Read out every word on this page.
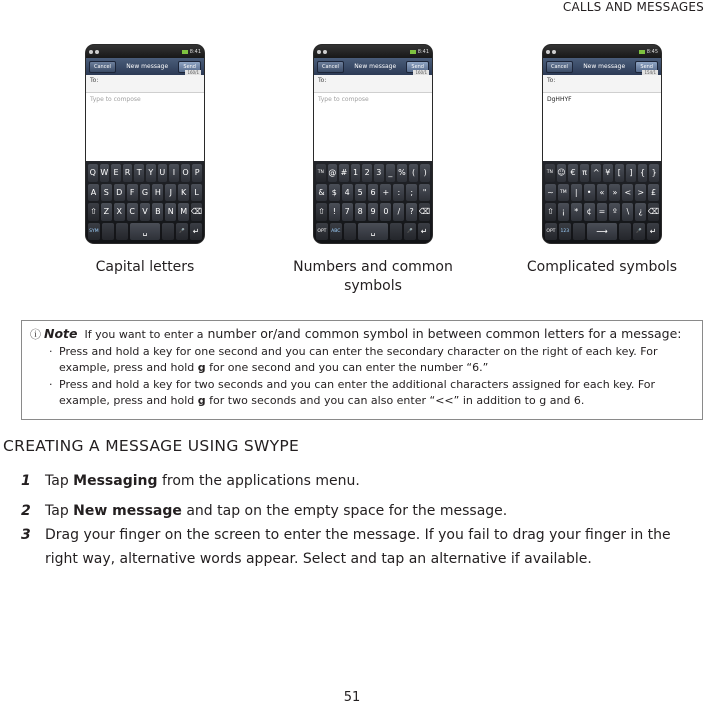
CALLS AND MESSAGES
8:41
Cancel	New message	Send
160/1
To:
Type to compose
Q W E R T Y U I O P
A S D F G H	J	K	L
⇧ Z X C V B N M ⌫
SYM	␣	🎤 ↵
8:41
Cancel	New message	Send
160/1
To:
Type to compose
TN @ # 1 2 3 _ % (	)
& $ 4 5 6 +	:	;	"
⇧ !	7 8 9 0	/	? ⌫
OPT	ABC	␣	🎤 ↵
8:45
Cancel	New message	Send
154/1
To:
DgHHYF
TN ☺ € π ^ ¥ [	] { }
~	TM	|	•	« » < > £
⇧ ¡	*	¢ = º	\	¿ ⌫
OPT	123	⟶	🎤 ↵
Capital letters	Numbers and common symbols
Complicated symbols
ⓘ Note If you want to enter a number or/and common symbol in between common letters for a message:
· Press and hold a key for one second and you can enter the secondary character on the right of each key. For example, press and hold g for one second and you can enter the number “6.”
· Press and hold a key for two seconds and you can enter the additional characters assigned for each key. For example, press and hold g for two seconds and you can also enter “<<” in addition to g and 6.
CREATING A MESSAGE USING SWYPE
1 Tap Messaging from the applications menu.
2 Tap New message and tap on the empty space for the message.
3 Drag your finger on the screen to enter the message. If you fail to drag your finger in the right way, alternative words appear. Select and tap an alternative if available.
51
